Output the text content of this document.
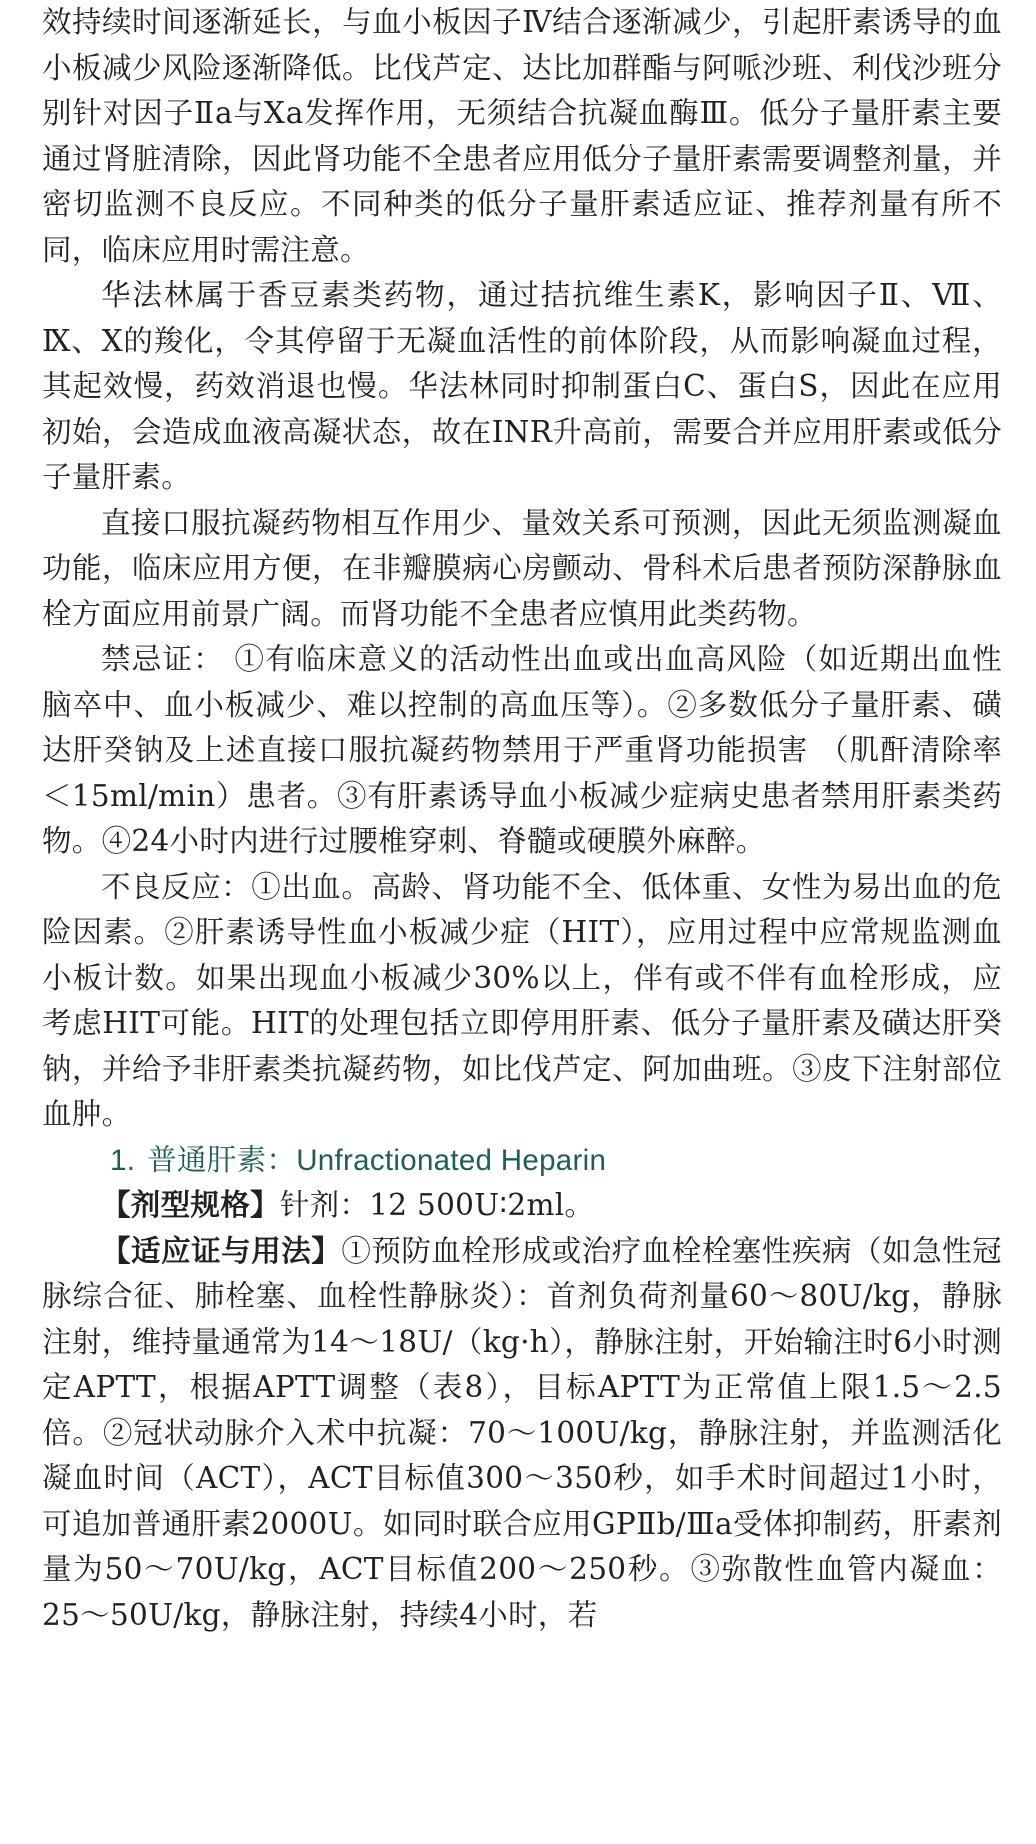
效持续时间逐渐延长，与血小板因子Ⅳ结合逐渐减少，引起肝素诱导的血小板减少风险逐渐降低。比伐芦定、达比加群酯与阿哌沙班、利伐沙班分别针对因子Ⅱa与Ⅹa发挥作用，无须结合抗凝血酶Ⅲ。低分子量肝素主要通过肾脏清除，因此肾功能不全患者应用低分子量肝素需要调整剂量，并密切监测不良反应。不同种类的低分子量肝素适应证、推荐剂量有所不同，临床应用时需注意。

华法林属于香豆素类药物，通过拮抗维生素K，影响因子Ⅱ、Ⅶ、Ⅸ、Ⅹ的羧化，令其停留于无凝血活性的前体阶段，从而影响凝血过程，其起效慢，药效消退也慢。华法林同时抑制蛋白C、蛋白S，因此在应用初始，会造成血液高凝状态，故在INR升高前，需要合并应用肝素或低分子量肝素。

直接口服抗凝药物相互作用少、量效关系可预测，因此无须监测凝血功能，临床应用方便，在非瓣膜病心房颤动、骨科术后患者预防深静脉血栓方面应用前景广阔。而肾功能不全患者应慎用此类药物。

禁忌证： ①有临床意义的活动性出血或出血高风险（如近期出血性脑卒中、血小板减少、难以控制的高血压等）。②多数低分子量肝素、磺达肝癸钠及上述直接口服抗凝药物禁用于严重肾功能损害 （肌酐清除率＜15ml/min）患者。③有肝素诱导血小板减少症病史患者禁用肝素类药物。④24小时内进行过腰椎穿刺、脊髓或硬膜外麻醉。

不良反应：①出血。高龄、肾功能不全、低体重、女性为易出血的危险因素。②肝素诱导性血小板减少症（HIT），应用过程中应常规监测血小板计数。如果出现血小板减少30%以上，伴有或不伴有血栓形成，应考虑HIT可能。HIT的处理包括立即停用肝素、低分子量肝素及磺达肝癸钠，并给予非肝素类抗凝药物，如比伐芦定、阿加曲班。③皮下注射部位血肿。

1. 普通肝素：Unfractionated Heparin

【剂型规格】针剂：12 500U∶2ml。

【适应证与用法】①预防血栓形成或治疗血栓栓塞性疾病（如急性冠脉综合征、肺栓塞、血栓性静脉炎）：首剂负荷剂量60～80U/kg，静脉注射，维持量通常为14～18U/（kg·h），静脉注射，开始输注时6小时测定APTT，根据APTT调整（表8），目标APTT为正常值上限1.5～2.5倍。②冠状动脉介入术中抗凝：70～100U/kg，静脉注射，并监测活化凝血时间（ACT），ACT目标值300～350秒，如手术时间超过1小时，可追加普通肝素2000U。如同时联合应用GPⅡb/Ⅲa受体抑制药，肝素剂量为50～70U/kg，ACT目标值200～250秒。③弥散性血管内凝血：25～50U/kg，静脉注射，持续4小时，若
